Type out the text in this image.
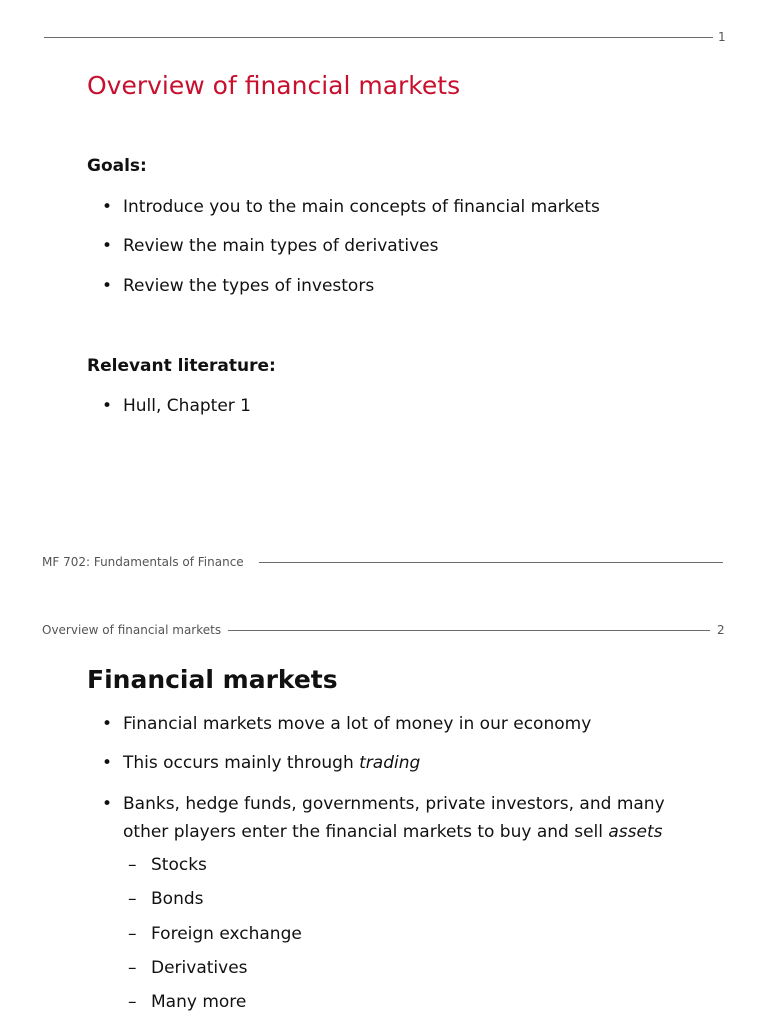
1
Overview of financial markets
Goals:
• Introduce you to the main concepts of financial markets
• Review the main types of derivatives
• Review the types of investors
Relevant literature:
• Hull, Chapter 1
MF 702: Fundamentals of Finance
Overview of financial markets	2
Financial markets
• Financial markets move a lot of money in our economy
• This occurs mainly through trading
• Banks, hedge funds, governments, private investors, and many
other players enter the financial markets to buy and sell assets
– Stocks
– Bonds
– Foreign exchange
– Derivatives
– Many more
